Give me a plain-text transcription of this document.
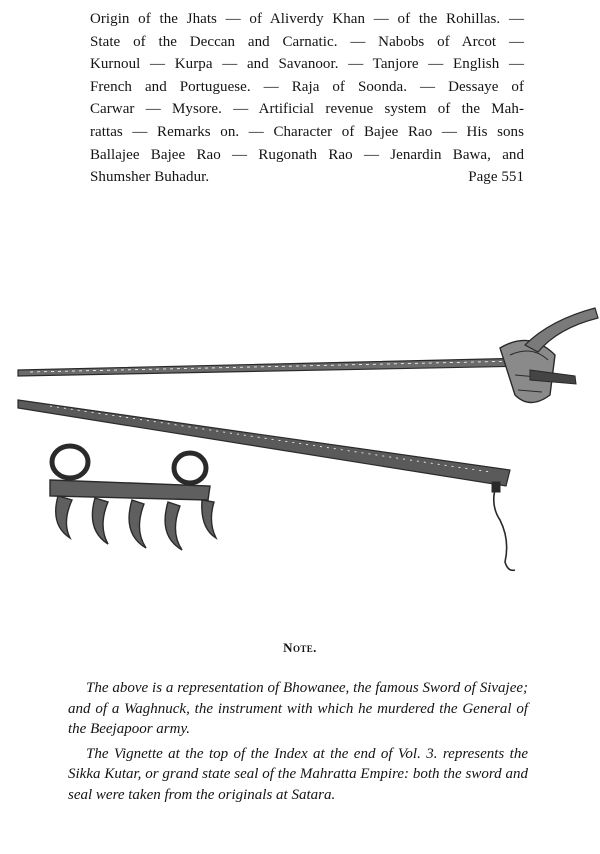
Origin of the Jhats — of Aliverdy Khan — of the Rohillas. —
State of the Deccan and Carnatic. — Nabobs of Arcot —
Kurnoul — Kurpa — and Savanoor. — Tanjore — English —
French and Portuguese. — Raja of Soonda. — Dessaye of
Carwar — Mysore. — Artificial revenue system of the Mah-
rattas — Remarks on. — Character of Bajee Rao — His sons
Ballajee Bajee Rao — Rugonath Rao — Jenardin Bawa, and
Shumsher Buhadur.	Page 551
Note.

The above is a representation of Bhowanee, the famous Sword of Sivajee; and of a Waghnuck, the instrument with which he murdered the General of the Beejapoor army.

The Vignette at the top of the Index at the end of Vol. 3. represents the Sikka Kutar, or grand state seal of the Mahratta Empire: both the sword and seal were taken from the originals at Satara.
